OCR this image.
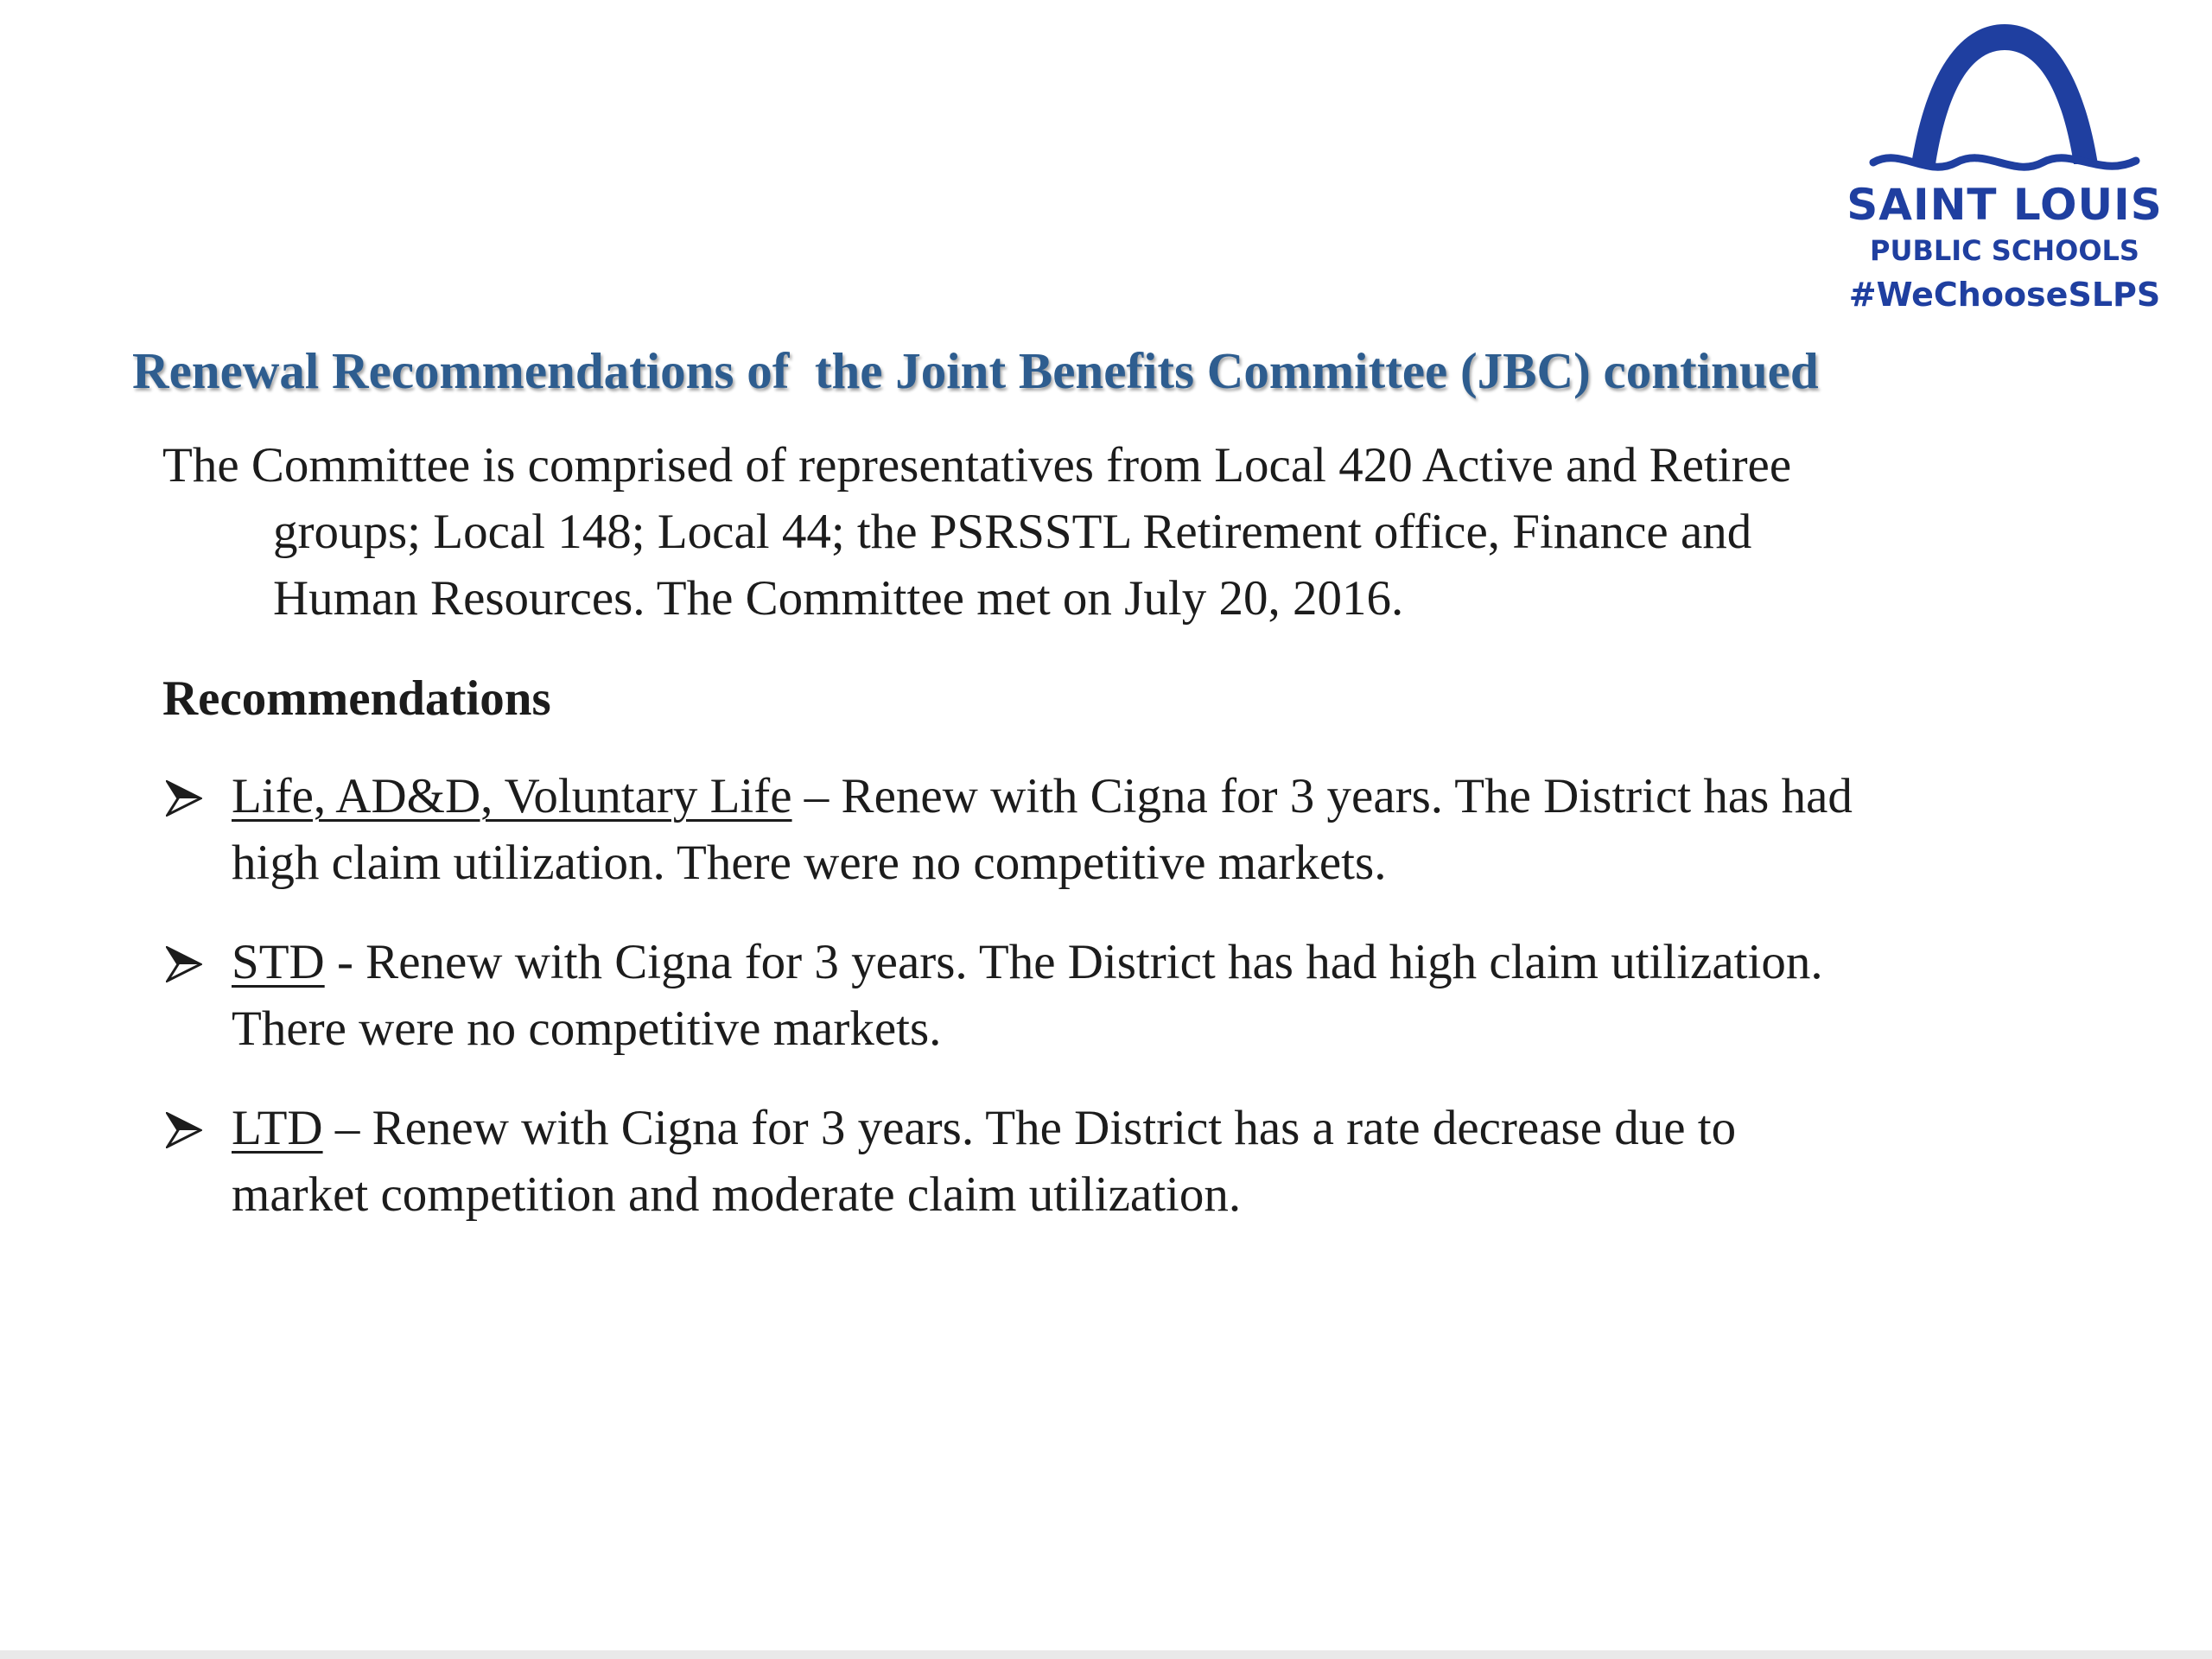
SAINT LOUIS
PUBLIC SCHOOLS
#WeChooseSLPS
Renewal Recommendations of  the Joint Benefits Committee (JBC) continued
The Committee is comprised of representatives from Local 420 Active and Retiree
groups; Local 148; Local 44; the PSRSSTL Retirement office, Finance and
Human Resources. The Committee met on July 20, 2016.
Recommendations
Life, AD&D, Voluntary Life – Renew with Cigna for 3 years. The District has had
high claim utilization. There were no competitive markets.
STD - Renew with Cigna for 3 years. The District has had high claim utilization.
There were no competitive markets.
LTD – Renew with Cigna for 3 years. The District has a rate decrease due to
market competition and moderate claim utilization.
